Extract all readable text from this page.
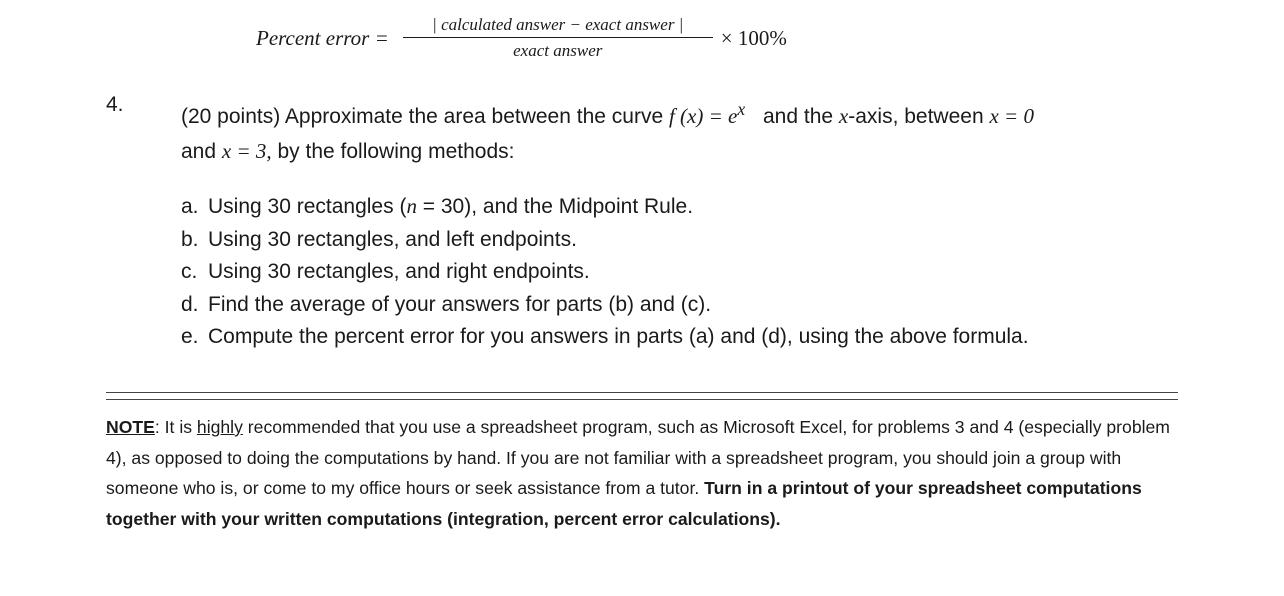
Percent error = $\frac{\text{| calculated answer − exact answer |}}{\text{exact answer}} \times 100\%$
4.
(20 points) Approximate the area between the curve f $(x) = e^x$ and the x-axis, between x = 0
and x = 3, by the following methods:
a. Using 30 rectangles (n = 30), and the Midpoint Rule.
b. Using 30 rectangles, and left endpoints.
c. Using 30 rectangles, and right endpoints.
d. Find the average of your answers for parts (b) and (c).
e. Compute the percent error for you answers in parts (a) and (d), using the above formula.
NOTE: It is highly recommended that you use a spreadsheet program, such as Microsoft Excel, for problems 3 and 4 (especially problem 4), as opposed to doing the computations by hand. If you are not familiar with a spreadsheet program, you should join a group with someone who is, or come to my office hours or seek assistance from a tutor. Turn in a printout of your spreadsheet computations together with your written computations (integration, percent error calculations).
